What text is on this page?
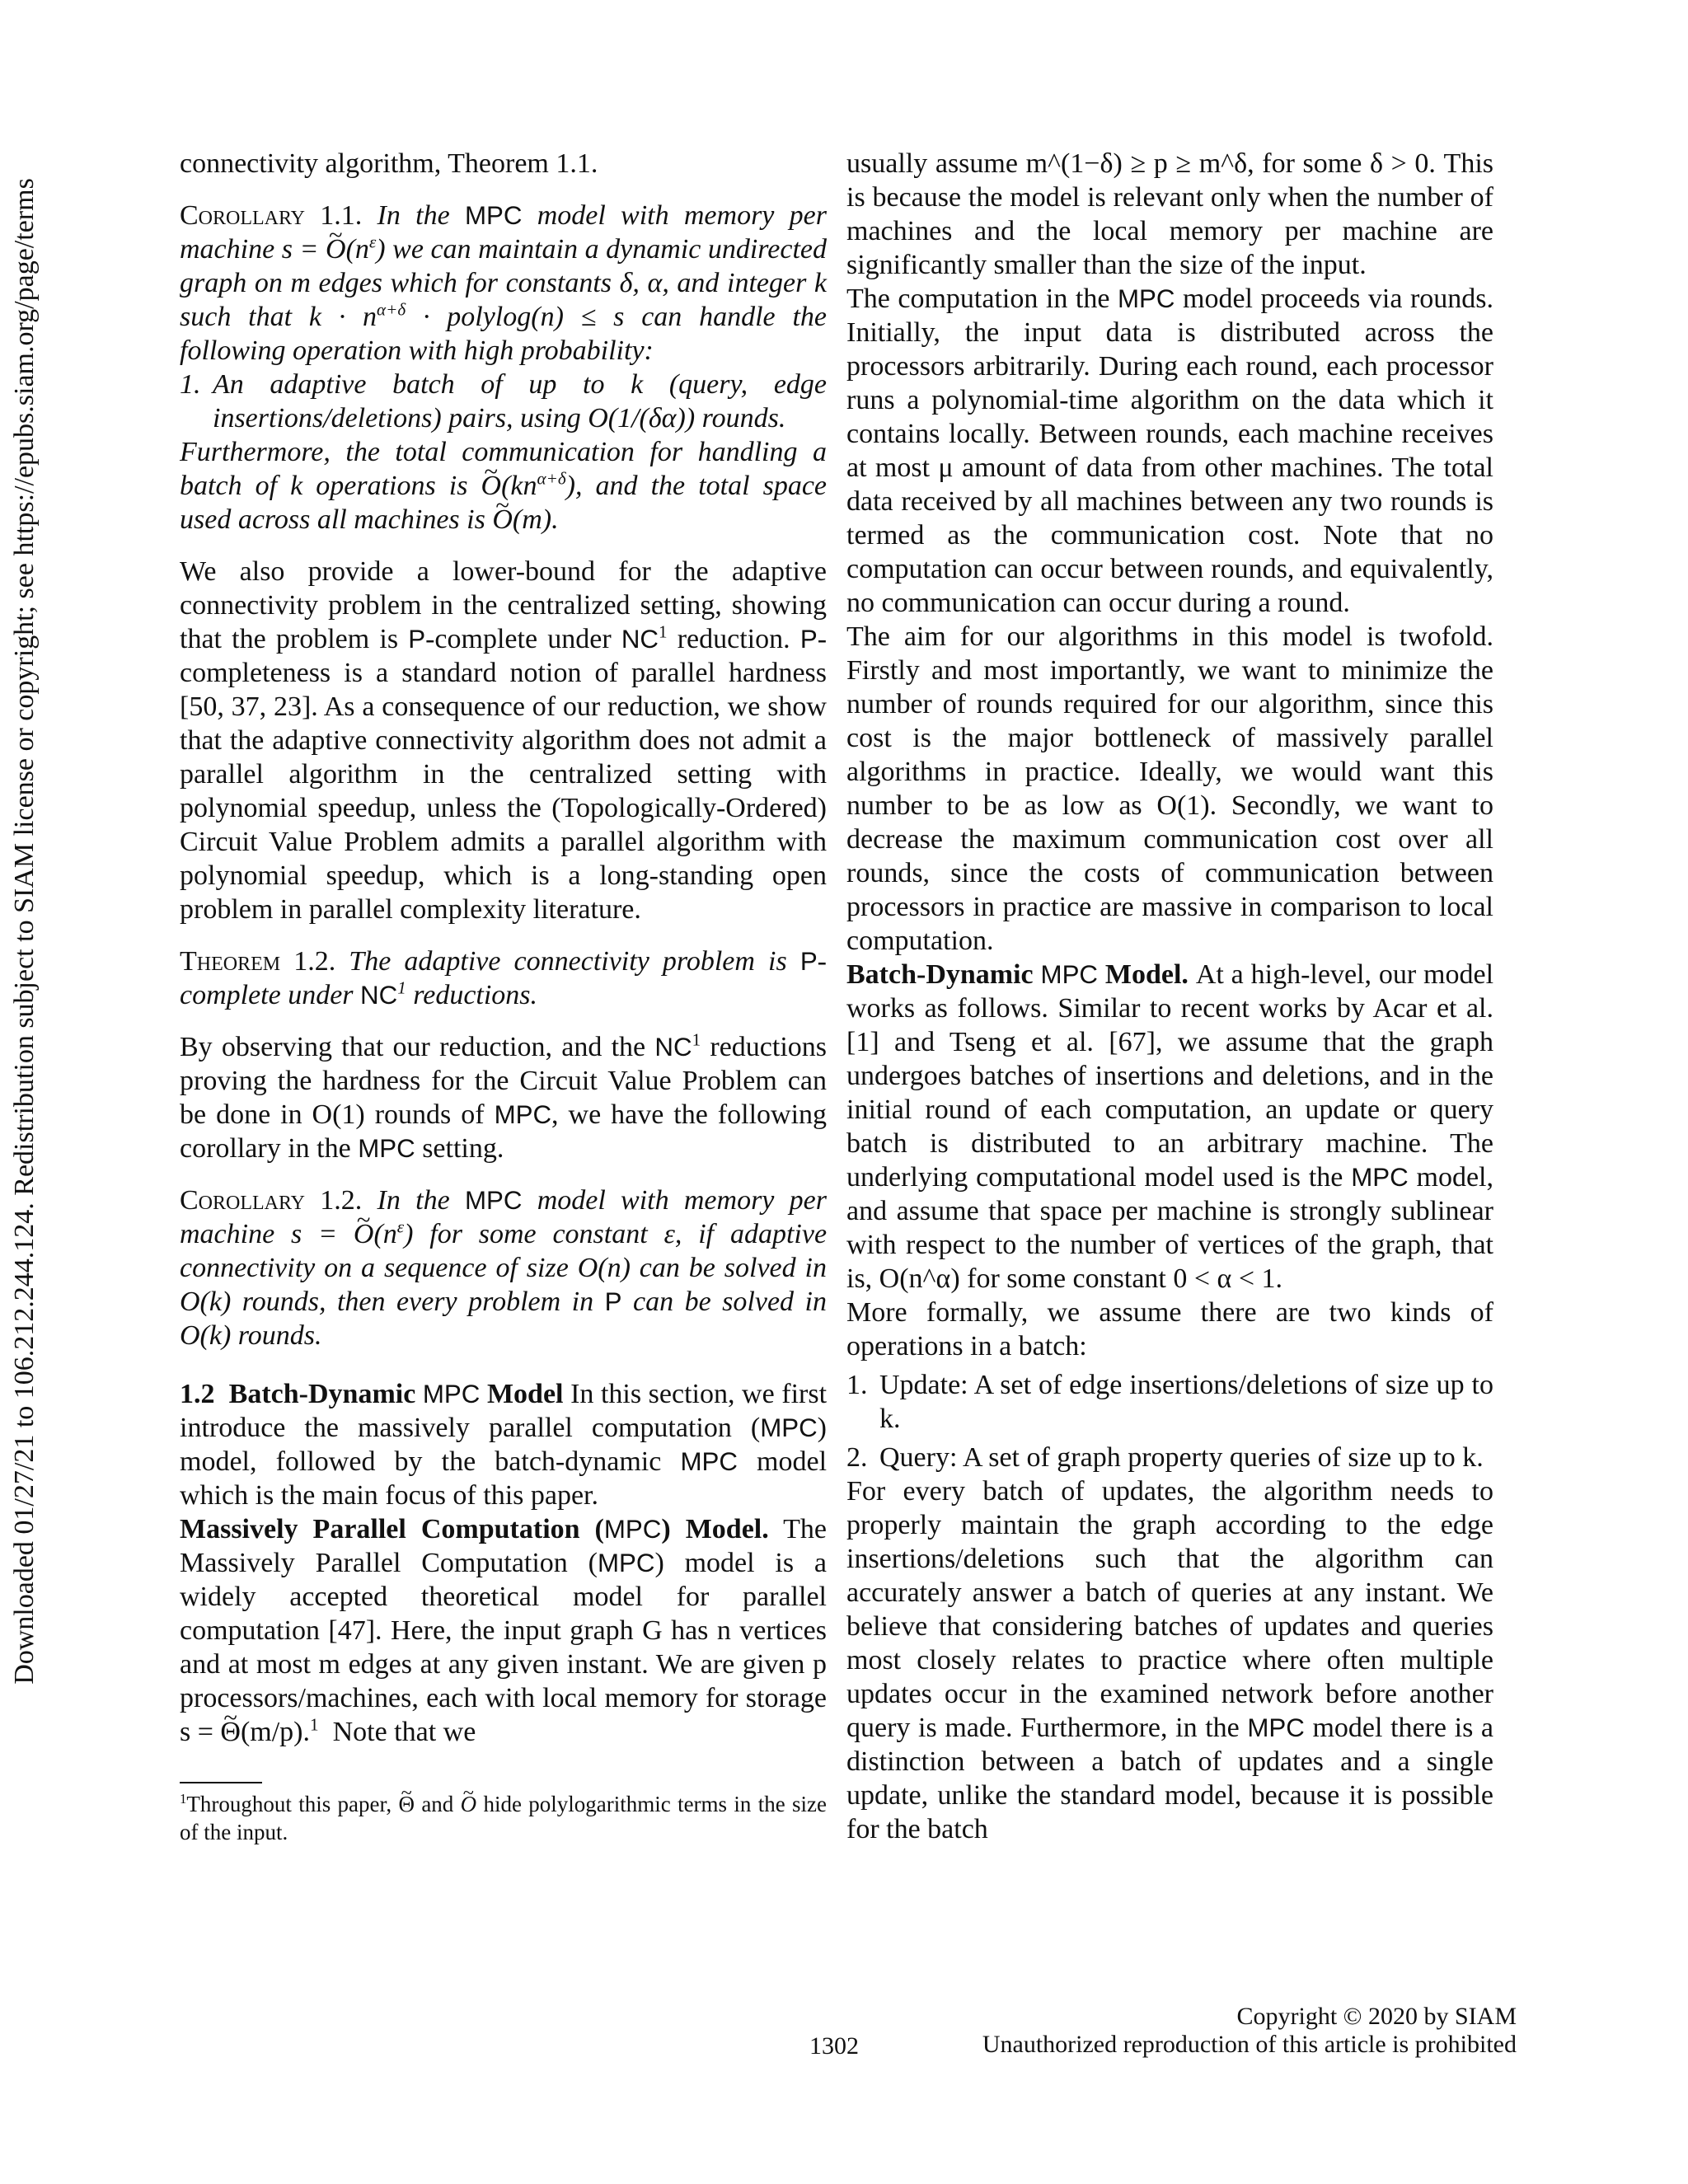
Downloaded 01/27/21 to 106.212.244.124. Redistribution subject to SIAM license or copyright; see https://epubs.siam.org/page/terms

connectivity algorithm, Theorem 1.1.

Corollary 1.1. In the MPC model with memory per machine s = ~ $O(n^\varepsilon)$ we can maintain a dynamic undirected graph on m edges which for constants δ, α, and integer k such that $k \cdot n^{\alpha+\delta}$ · polylog(n) ≤ s can handle the following operation with high probability:

1. An adaptive batch of up to k (query, edge insertions/deletions) pairs, using O(1/(δα)) rounds.

Furthermore, the total communication for handling a batch of k operations is ~ $O(kn^{\alpha+\delta})$, and the total space used across all machines is ~ O(m).

We also provide a lower-bound for the adaptive connectivity problem in the centralized setting, showing that the problem is P-complete under $NC^1$ reduction. P-completeness is a standard notion of parallel hardness [50, 37, 23]. As a consequence of our reduction, we show that the adaptive connectivity algorithm does not admit a parallel algorithm in the centralized setting with polynomial speedup, unless the (Topologically-Ordered) Circuit Value Problem admits a parallel algorithm with polynomial speedup, which is a long-standing open problem in parallel complexity literature.

Theorem 1.2. The adaptive connectivity problem is P-complete under $NC^1$ reductions.

By observing that our reduction, and the $NC^1$ reductions proving the hardness for the Circuit Value Problem can be done in O(1) rounds of MPC, we have the following corollary in the MPC setting.

Corollary 1.2. In the MPC model with memory per machine s = ~ $O(n^\varepsilon)$ for some constant ε, if adaptive connectivity on a sequence of size O(n) can be solved in O(k) rounds, then every problem in P can be solved in O(k) rounds.

1.2 Batch-Dynamic MPC Model In this section, we first introduce the massively parallel computation (MPC) model, followed by the batch-dynamic MPC model which is the main focus of this paper.

Massively Parallel Computation (MPC) Model. The Massively Parallel Computation (MPC) model is a widely accepted theoretical model for parallel computation [47]. Here, the input graph G has n vertices and at most m edges at any given instant. We are given p processors/machines, each with local memory for storage s = ~ Θ(m/p).$^1$ Note that we

$^1$Throughout this paper, ~ Θ and ~ O hide polylogarithmic terms in the size of the input.

usually assume m^(1−δ) ≥ p ≥ m^δ, for some δ > 0. This is because the model is relevant only when the number of machines and the local memory per machine are significantly smaller than the size of the input.

The computation in the MPC model proceeds via rounds. Initially, the input data is distributed across the processors arbitrarily. During each round, each processor runs a polynomial-time algorithm on the data which it contains locally. Between rounds, each machine receives at most μ amount of data from other machines. The total data received by all machines between any two rounds is termed as the communication cost. Note that no computation can occur between rounds, and equivalently, no communication can occur during a round.

The aim for our algorithms in this model is twofold. Firstly and most importantly, we want to minimize the number of rounds required for our algorithm, since this cost is the major bottleneck of massively parallel algorithms in practice. Ideally, we would want this number to be as low as O(1). Secondly, we want to decrease the maximum communication cost over all rounds, since the costs of communication between processors in practice are massive in comparison to local computation.

Batch-Dynamic MPC Model. At a high-level, our model works as follows. Similar to recent works by Acar et al. [1] and Tseng et al. [67], we assume that the graph undergoes batches of insertions and deletions, and in the initial round of each computation, an update or query batch is distributed to an arbitrary machine. The underlying computational model used is the MPC model, and assume that space per machine is strongly sublinear with respect to the number of vertices of the graph, that is, O(n^α) for some constant 0 < α < 1.

More formally, we assume there are two kinds of operations in a batch:

1. Update: A set of edge insertions/deletions of size up to k.
2. Query: A set of graph property queries of size up to k.

For every batch of updates, the algorithm needs to properly maintain the graph according to the edge insertions/deletions such that the algorithm can accurately answer a batch of queries at any instant. We believe that considering batches of updates and queries most closely relates to practice where often multiple updates occur in the examined network before another query is made. Furthermore, in the MPC model there is a distinction between a batch of updates and a single update, unlike the standard model, because it is possible for the batch

1302
Copyright © 2020 by SIAM
Unauthorized reproduction of this article is prohibited
